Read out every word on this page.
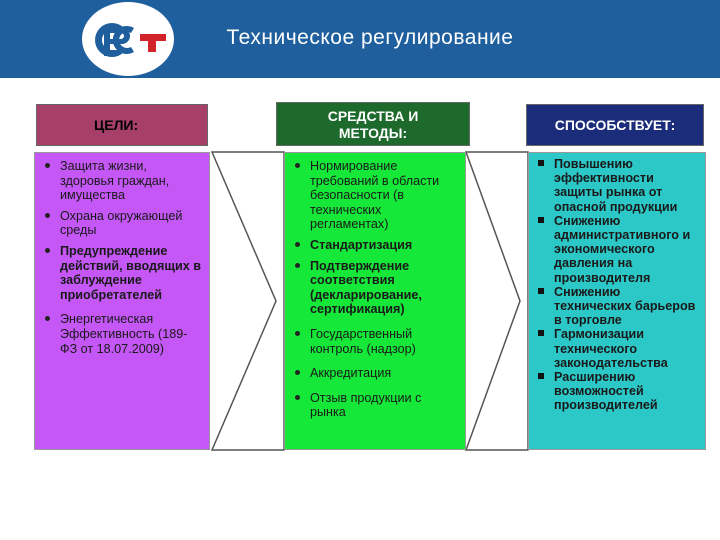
Техническое регулирование
ЦЕЛИ:
СРЕДСТВА И
МЕТОДЫ:	СПОСОБСТВУЕТ:
Защита жизни, здоровья граждан, имущества
Охрана окружающей среды
Предупреждение действий, вводящих в заблуждение приобретателей
Энергетическая Эффективность (189-ФЗ от 18.07.2009)
Нормирование требований в области безопасности (в технических регламентах)
Стандартизация
Подтверждение соответствия (декларирование, сертификация)
Государственный контроль (надзор)
Аккредитация
Отзыв продукции с рынка
Повышению эффективности защиты рынка от опасной продукции
Снижению административного и экономического давления на производителя
Снижению технических барьеров в торговле
Гармонизации технического законодательства
Расширению возможностей производителей
